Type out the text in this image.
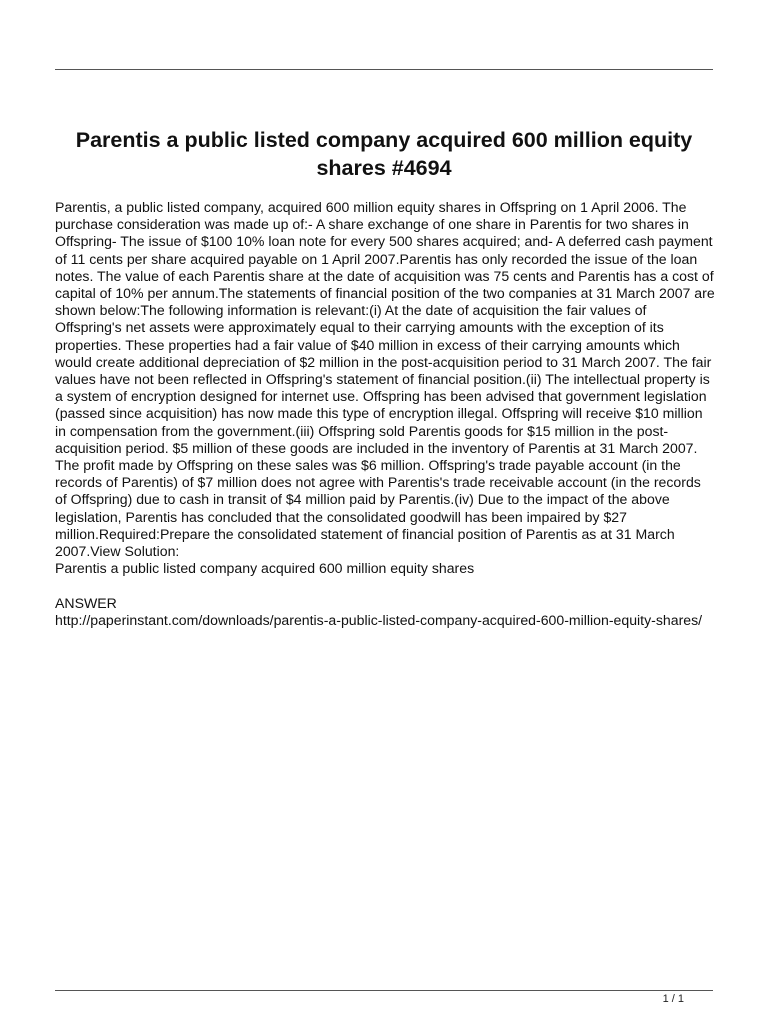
Parentis a public listed company acquired 600 million equity shares #4694

Parentis, a public listed company, acquired 600 million equity shares in Offspring on 1 April 2006. The purchase consideration was made up of:- A share exchange of one share in Parentis for two shares in Offspring- The issue of $100 10% loan note for every 500 shares acquired; and- A deferred cash payment of 11 cents per share acquired payable on 1 April 2007.Parentis has only recorded the issue of the loan notes. The value of each Parentis share at the date of acquisition was 75 cents and Parentis has a cost of capital of 10% per annum.The statements of financial position of the two companies at 31 March 2007 are shown below:The following information is relevant:(i) At the date of acquisition the fair values of Offspring's net assets were approximately equal to their carrying amounts with the exception of its properties. These properties had a fair value of $40 million in excess of their carrying amounts which would create additional depreciation of $2 million in the post-acquisition period to 31 March 2007. The fair values have not been reflected in Offspring's statement of financial position.(ii) The intellectual property is a system of encryption designed for internet use. Offspring has been advised that government legislation (passed since acquisition) has now made this type of encryption illegal. Offspring will receive $10 million in compensation from the government.(iii) Offspring sold Parentis goods for $15 million in the post-acquisition period. $5 million of these goods are included in the inventory of Parentis at 31 March 2007. The profit made by Offspring on these sales was $6 million. Offspring's trade payable account (in the records of Parentis) of $7 million does not agree with Parentis's trade receivable account (in the records of Offspring) due to cash in transit of $4 million paid by Parentis.(iv) Due to the impact of the above legislation, Parentis has concluded that the consolidated goodwill has been impaired by $27 million.Required:Prepare the consolidated statement of financial position of Parentis as at 31 March 2007.View Solution:

Parentis a public listed company acquired 600 million equity shares

ANSWER

http://paperinstant.com/downloads/parentis-a-public-listed-company-acquired-600-million-equity-shares/

1 / 1
